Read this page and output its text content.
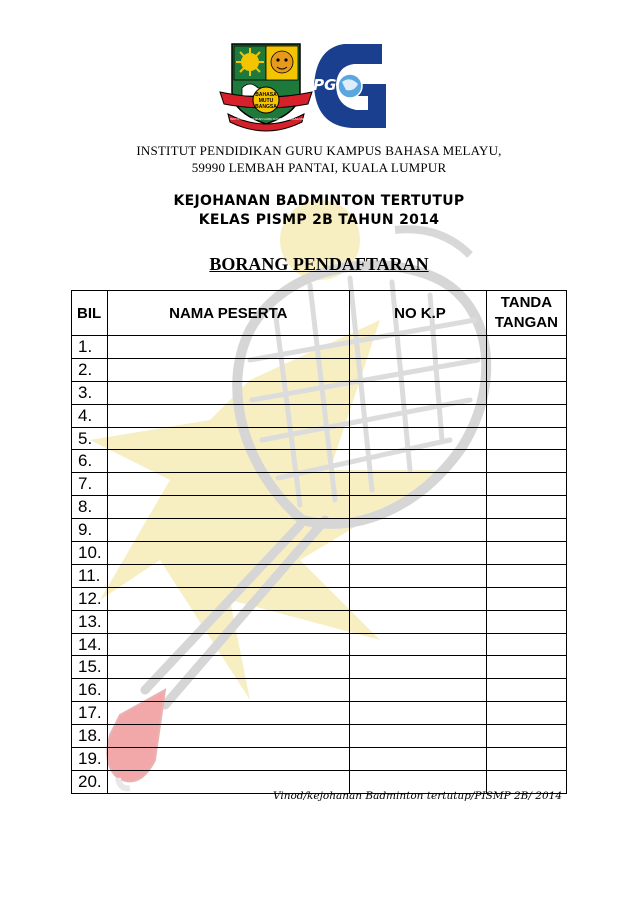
BAHASA MUTU BANGSA
INSTITUT PENDIDIKAN GURU KAMPUS BAHASA MELAYU
iPG
INSTITUT PENDIDIKAN GURU KAMPUS BAHASA MELAYU,
59990 LEMBAH PANTAI, KUALA LUMPUR
KEJOHANAN BADMINTON TERTUTUP
KELAS PISMP 2B TAHUN 2014
BORANG PENDAFTARAN
BIL	NAMA PESERTA	NO K.P	TANDA
TANGAN
1.			
2.			
3.			
4.			
5.			
6.			
7.			
8.			
9.			
10.			
11.			
12.			
13.			
14.			
15.			
16.			
17.			
18.			
19.			
20.			
Vinod/kejohanan Badminton tertutup/PISMP 2B/ 2014
